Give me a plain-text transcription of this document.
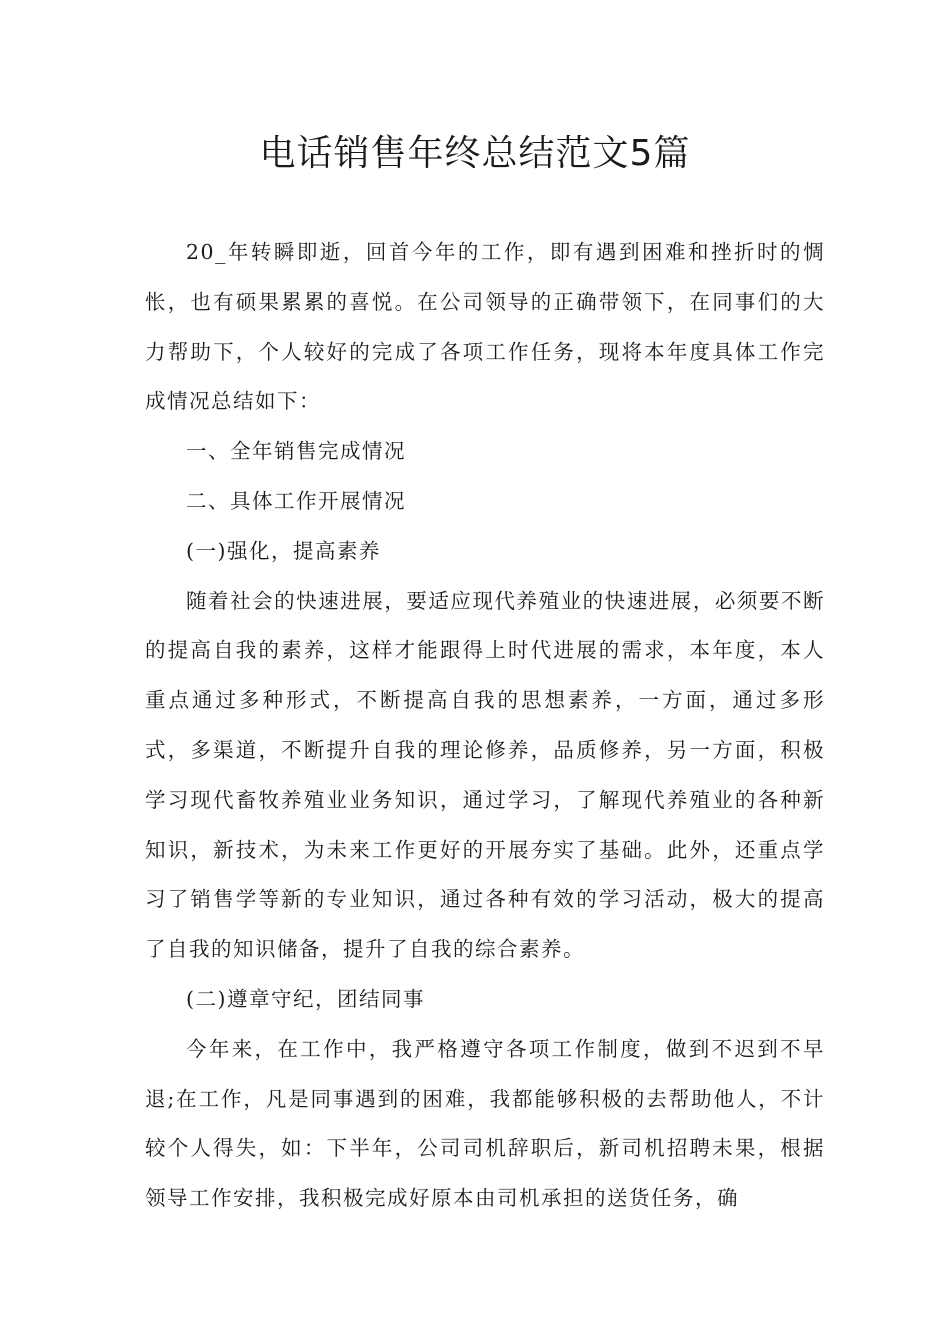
电话销售年终总结范文5篇

20_年转瞬即逝，回首今年的工作，即有遇到困难和挫折时的惆怅，也有硕果累累的喜悦。在公司领导的正确带领下，在同事们的大力帮助下，个人较好的完成了各项工作任务，现将本年度具体工作完成情况总结如下：

一、全年销售完成情况

二、具体工作开展情况

(一)强化，提高素养

随着社会的快速进展，要适应现代养殖业的快速进展，必须要不断的提高自我的素养，这样才能跟得上时代进展的需求，本年度，本人重点通过多种形式，不断提高自我的思想素养，一方面，通过多形式，多渠道，不断提升自我的理论修养，品质修养，另一方面，积极学习现代畜牧养殖业业务知识，通过学习，了解现代养殖业的各种新知识，新技术，为未来工作更好的开展夯实了基础。此外，还重点学习了销售学等新的专业知识，通过各种有效的学习活动，极大的提高了自我的知识储备，提升了自我的综合素养。

(二)遵章守纪，团结同事

今年来，在工作中，我严格遵守各项工作制度，做到不迟到不早退;在工作，凡是同事遇到的困难，我都能够积极的去帮助他人，不计较个人得失，如：下半年，公司司机辞职后，新司机招聘未果，根据领导工作安排，我积极完成好原本由司机承担的送货任务，确
